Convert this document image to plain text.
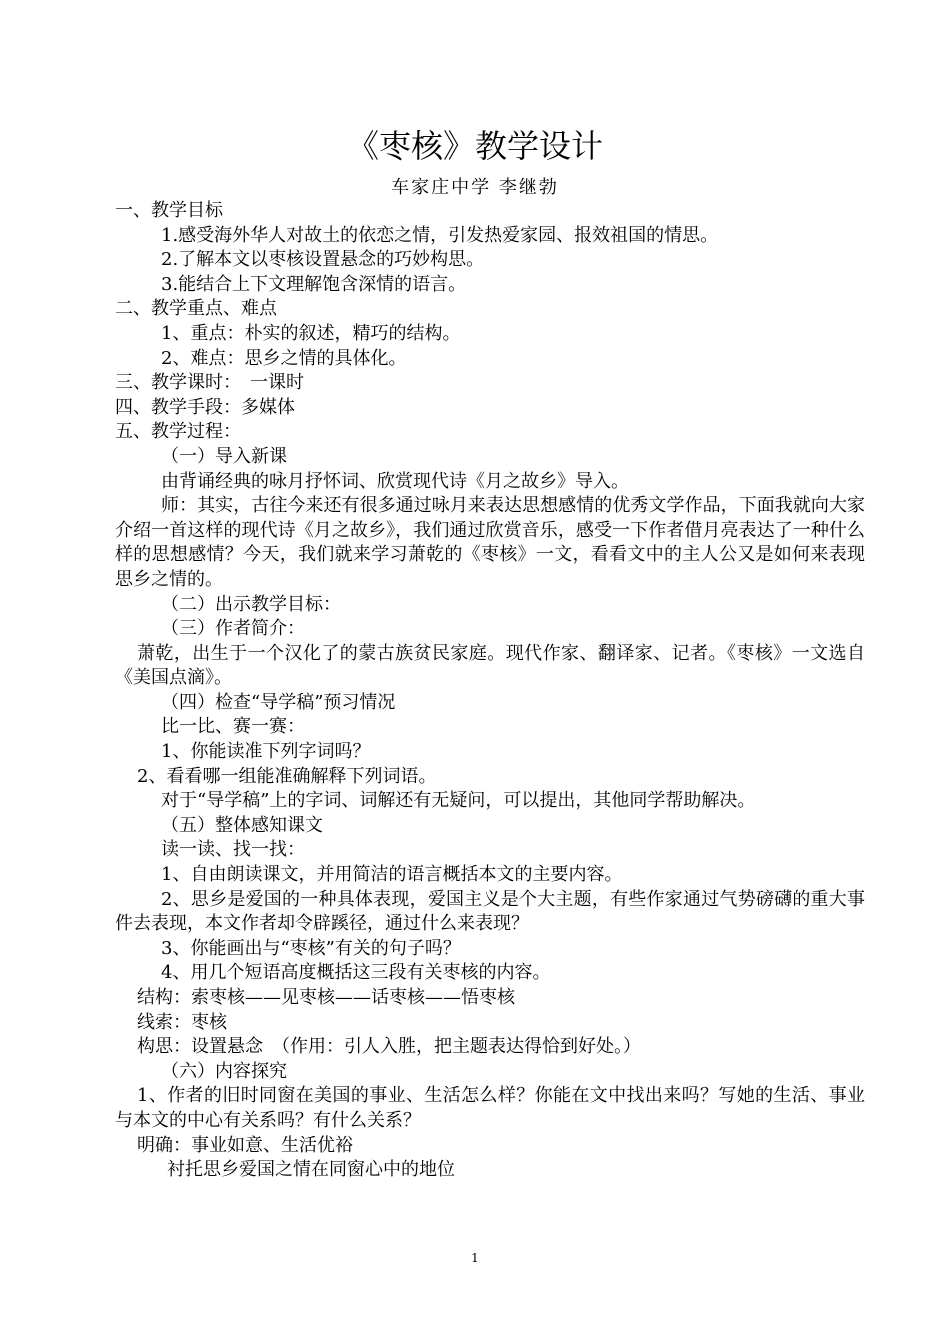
《枣核》教学设计
车家庄中学 李继勃
一、教学目标
1.感受海外华人对故土的依恋之情，引发热爱家园、报效祖国的情思。
2.了解本文以枣核设置悬念的巧妙构思。
3.能结合上下文理解饱含深情的语言。
二、教学重点、难点
1、重点：朴实的叙述，精巧的结构。
2、难点：思乡之情的具体化。
三、教学课时：　一课时
四、教学手段：多媒体
五、教学过程：
（一）导入新课
由背诵经典的咏月抒怀词、欣赏现代诗《月之故乡》导入。
师：其实，古往今来还有很多通过咏月来表达思想感情的优秀文学作品，下面我就向大家介绍一首这样的现代诗《月之故乡》，我们通过欣赏音乐，感受一下作者借月亮表达了一种什么样的思想感情？今天，我们就来学习萧乾的《枣核》一文，看看文中的主人公又是如何来表现思乡之情的。
（二）出示教学目标：
（三）作者简介：
萧乾，出生于一个汉化了的蒙古族贫民家庭。现代作家、翻译家、记者。《枣核》一文选自《美国点滴》。
（四）检查“导学稿”预习情况
比一比、赛一赛：
1、你能读准下列字词吗？
2、看看哪一组能准确解释下列词语。
对于“导学稿”上的字词、词解还有无疑问，可以提出，其他同学帮助解决。
（五）整体感知课文
读一读、找一找：
1、自由朗读课文，并用简洁的语言概括本文的主要内容。
2、思乡是爱国的一种具体表现，爱国主义是个大主题，有些作家通过气势磅礴的重大事件去表现，本文作者却令辟蹊径，通过什么来表现？
3、你能画出与“枣核”有关的句子吗？
4、用几个短语高度概括这三段有关枣核的内容。
结构：索枣核——见枣核——话枣核——悟枣核
线索：枣核
构思：设置悬念　（作用：引人入胜，把主题表达得恰到好处。）
（六）内容探究
1、作者的旧时同窗在美国的事业、生活怎么样？你能在文中找出来吗？写她的生活、事业与本文的中心有关系吗？有什么关系？
明确：事业如意、生活优裕
衬托思乡爱国之情在同窗心中的地位
1
